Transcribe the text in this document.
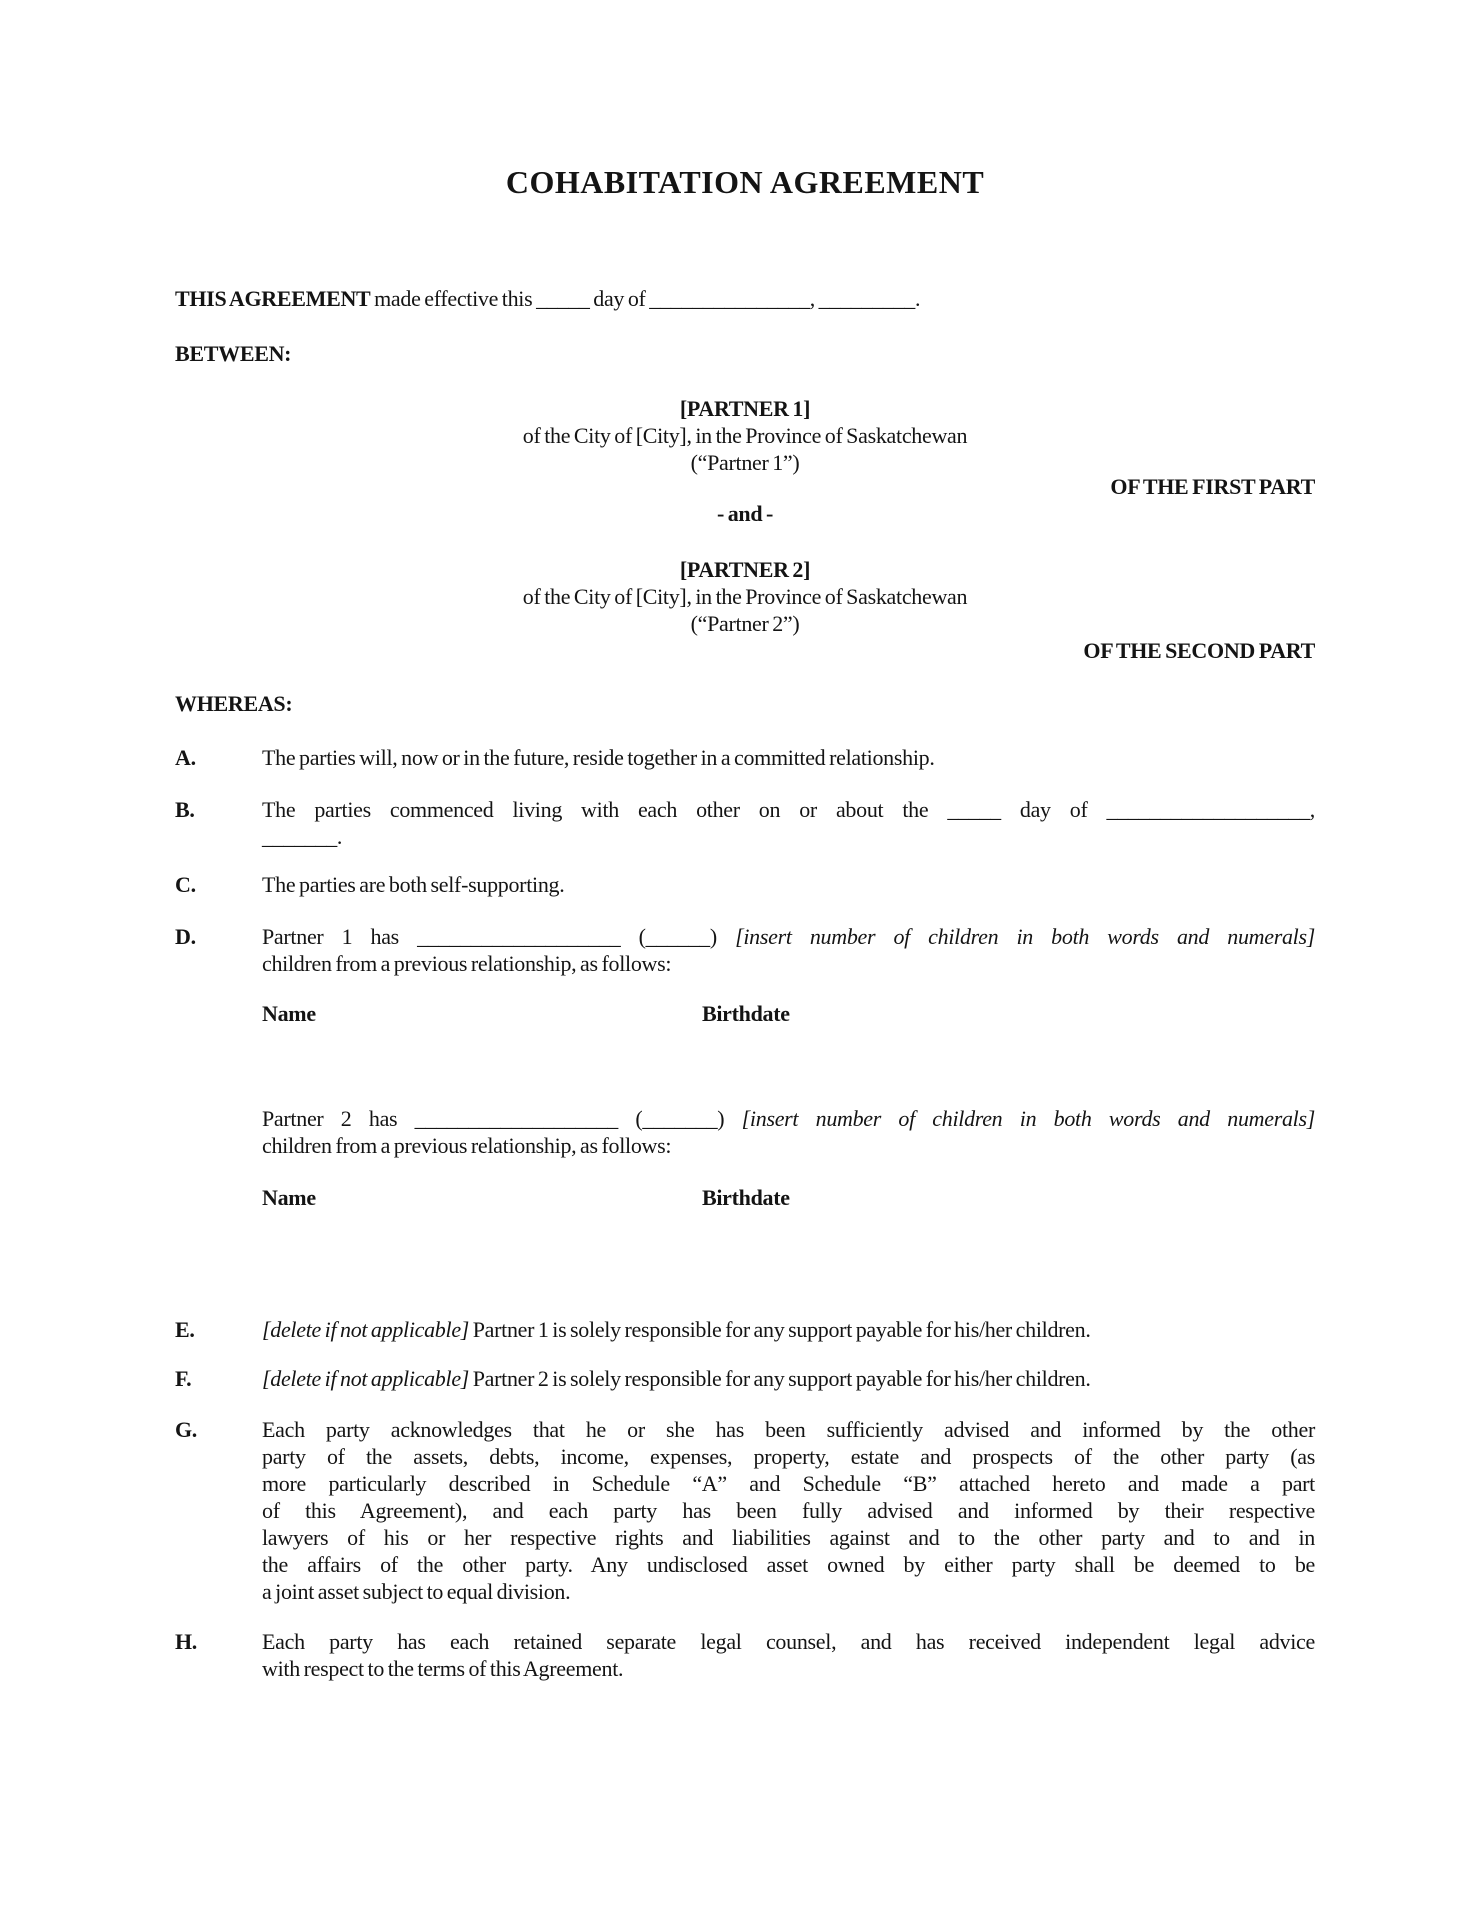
COHABITATION AGREEMENT

THIS AGREEMENT made effective this _____ day of _______________, _________.

BETWEEN:

[PARTNER 1]
of the City of [City], in the Province of Saskatchewan
(“Partner 1”)
OF THE FIRST PART
- and -
[PARTNER 2]
of the City of [City], in the Province of Saskatchewan
(“Partner 2”)
OF THE SECOND PART

WHEREAS:

A.	The parties will, now or in the future, reside together in a committed relationship.
B.	The parties commenced living with each other on or about the _____ day of ___________________,
_______.
C.	The parties are both self-supporting.
D.	Partner 1 has ___________________ (______) [insert number of children in both words and numerals]
children from a previous relationship, as follows:
Name	Birthdate
Partner 2 has ___________________ (_______) [insert number of children in both words and numerals]
children from a previous relationship, as follows:
Name	Birthdate
E.	[delete if not applicable] Partner 1 is solely responsible for any support payable for his/her children.
F.	[delete if not applicable] Partner 2 is solely responsible for any support payable for his/her children.
G.	Each party acknowledges that he or she has been sufficiently advised and informed by the other
party of the assets, debts, income, expenses, property, estate and prospects of the other party (as
more particularly described in Schedule “A” and Schedule “B” attached hereto and made a part
of this Agreement), and each party has been fully advised and informed by their respective
lawyers of his or her respective rights and liabilities against and to the other party and to and in
the affairs of the other party. Any undisclosed asset owned by either party shall be deemed to be
a joint asset subject to equal division.
H.	Each party has each retained separate legal counsel, and has received independent legal advice
with respect to the terms of this Agreement.
